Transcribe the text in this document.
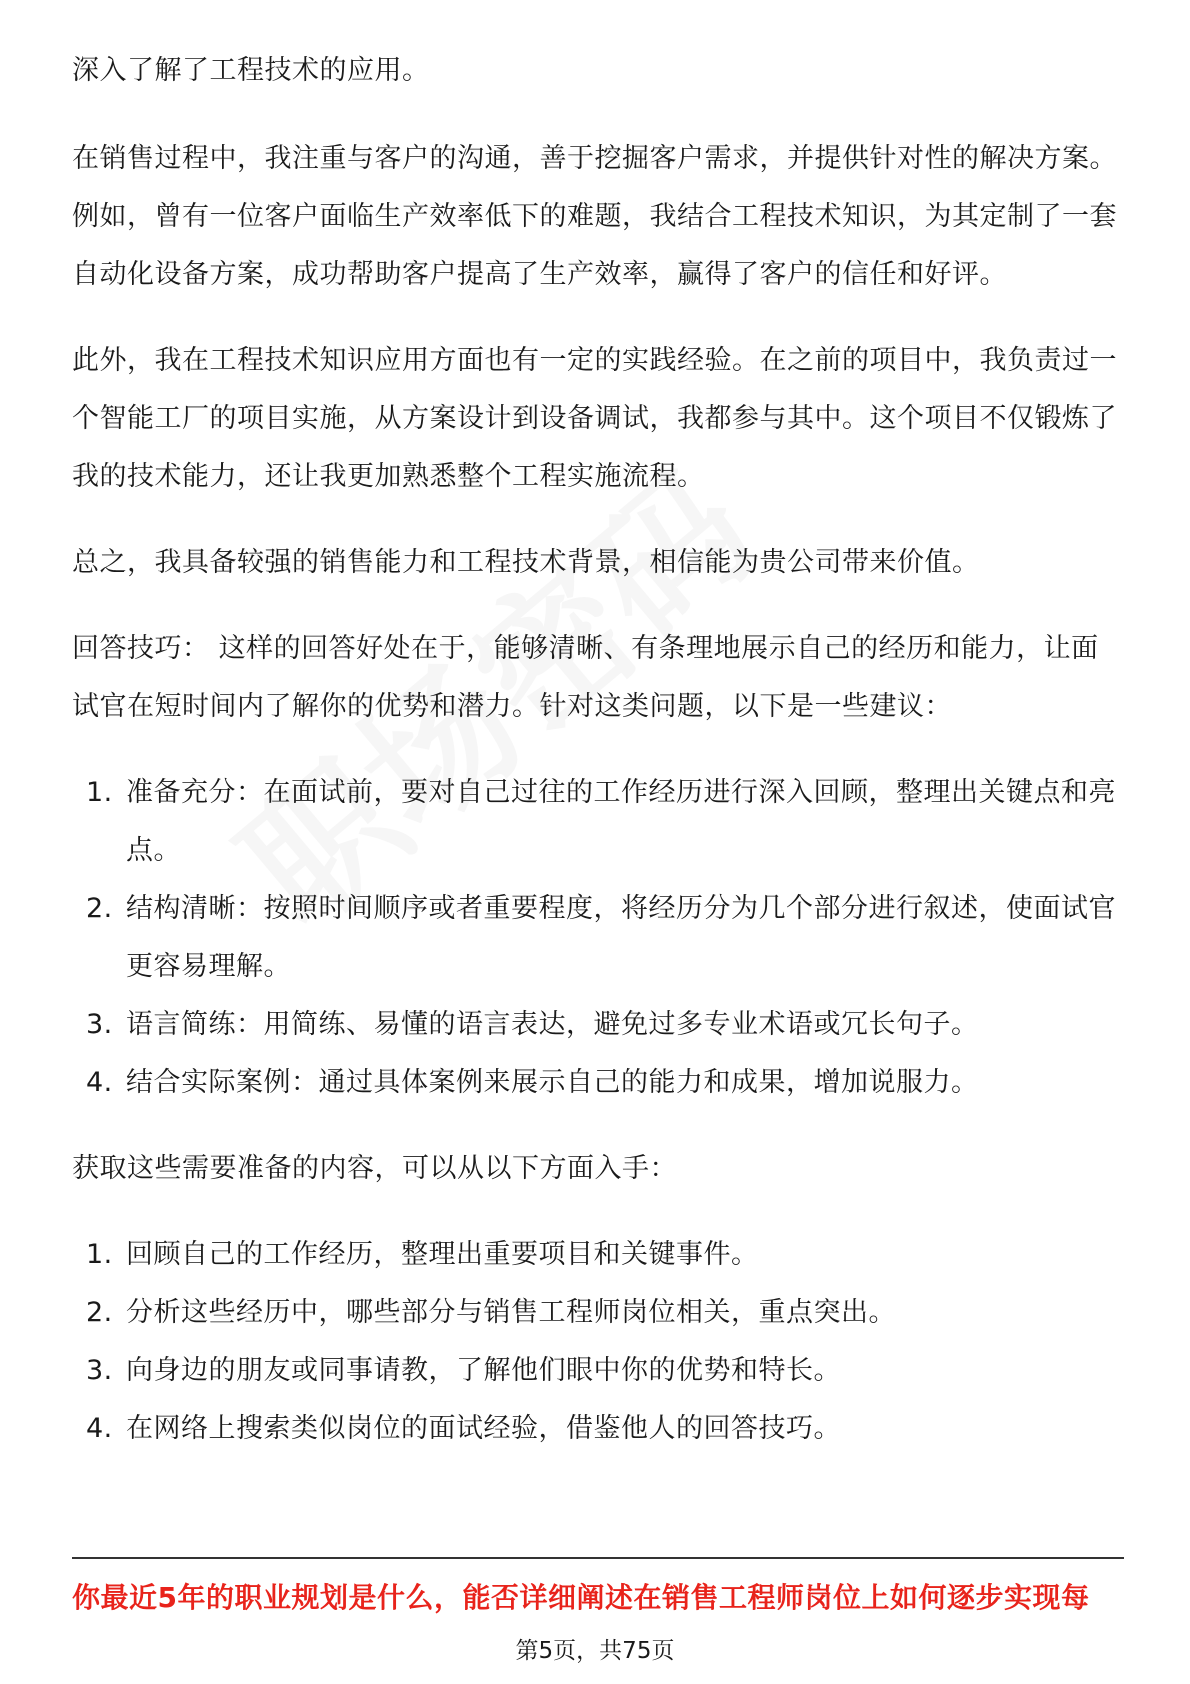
深入了解了工程技术的应用。

在销售过程中，我注重与客户的沟通，善于挖掘客户需求，并提供针对性的解决方案。例如，曾有一位客户面临生产效率低下的难题，我结合工程技术知识，为其定制了一套自动化设备方案，成功帮助客户提高了生产效率，赢得了客户的信任和好评。

此外，我在工程技术知识应用方面也有一定的实践经验。在之前的项目中，我负责过一个智能工厂的项目实施，从方案设计到设备调试，我都参与其中。这个项目不仅锻炼了我的技术能力，还让我更加熟悉整个工程实施流程。

总之，我具备较强的销售能力和工程技术背景，相信能为贵公司带来价值。

回答技巧： 这样的回答好处在于，能够清晰、有条理地展示自己的经历和能力，让面试官在短时间内了解你的优势和潜力。针对这类问题，以下是一些建议：

1. 准备充分：在面试前，要对自己过往的工作经历进行深入回顾，整理出关键点和亮点。
2. 结构清晰：按照时间顺序或者重要程度，将经历分为几个部分进行叙述，使面试官更容易理解。
3. 语言简练：用简练、易懂的语言表达，避免过多专业术语或冗长句子。
4. 结合实际案例：通过具体案例来展示自己的能力和成果，增加说服力。

获取这些需要准备的内容，可以从以下方面入手：

1. 回顾自己的工作经历，整理出重要项目和关键事件。
2. 分析这些经历中，哪些部分与销售工程师岗位相关，重点突出。
3. 向身边的朋友或同事请教，了解他们眼中你的优势和特长。
4. 在网络上搜索类似岗位的面试经验，借鉴他人的回答技巧。
你最近5年的职业规划是什么，能否详细阐述在销售工程师岗位上如何逐步实现每
第5页，共75页
